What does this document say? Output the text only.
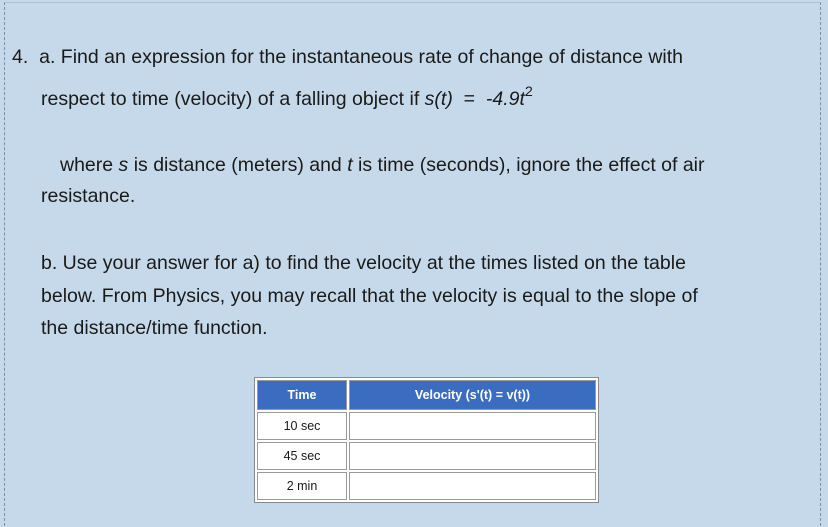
4. a. Find an expression for the instantaneous rate of change of distance with
respect to time (velocity) of a falling object if $s(t) = -4.9t^2$
where s is distance (meters) and t is time (seconds), ignore the effect of air
resistance.
b. Use your answer for a) to find the velocity at the times listed on the table
below. From Physics, you may recall that the velocity is equal to the slope of
the distance/time function.
Time	Velocity (s'(t) = v(t))
10 sec	
45 sec	
2 min	
